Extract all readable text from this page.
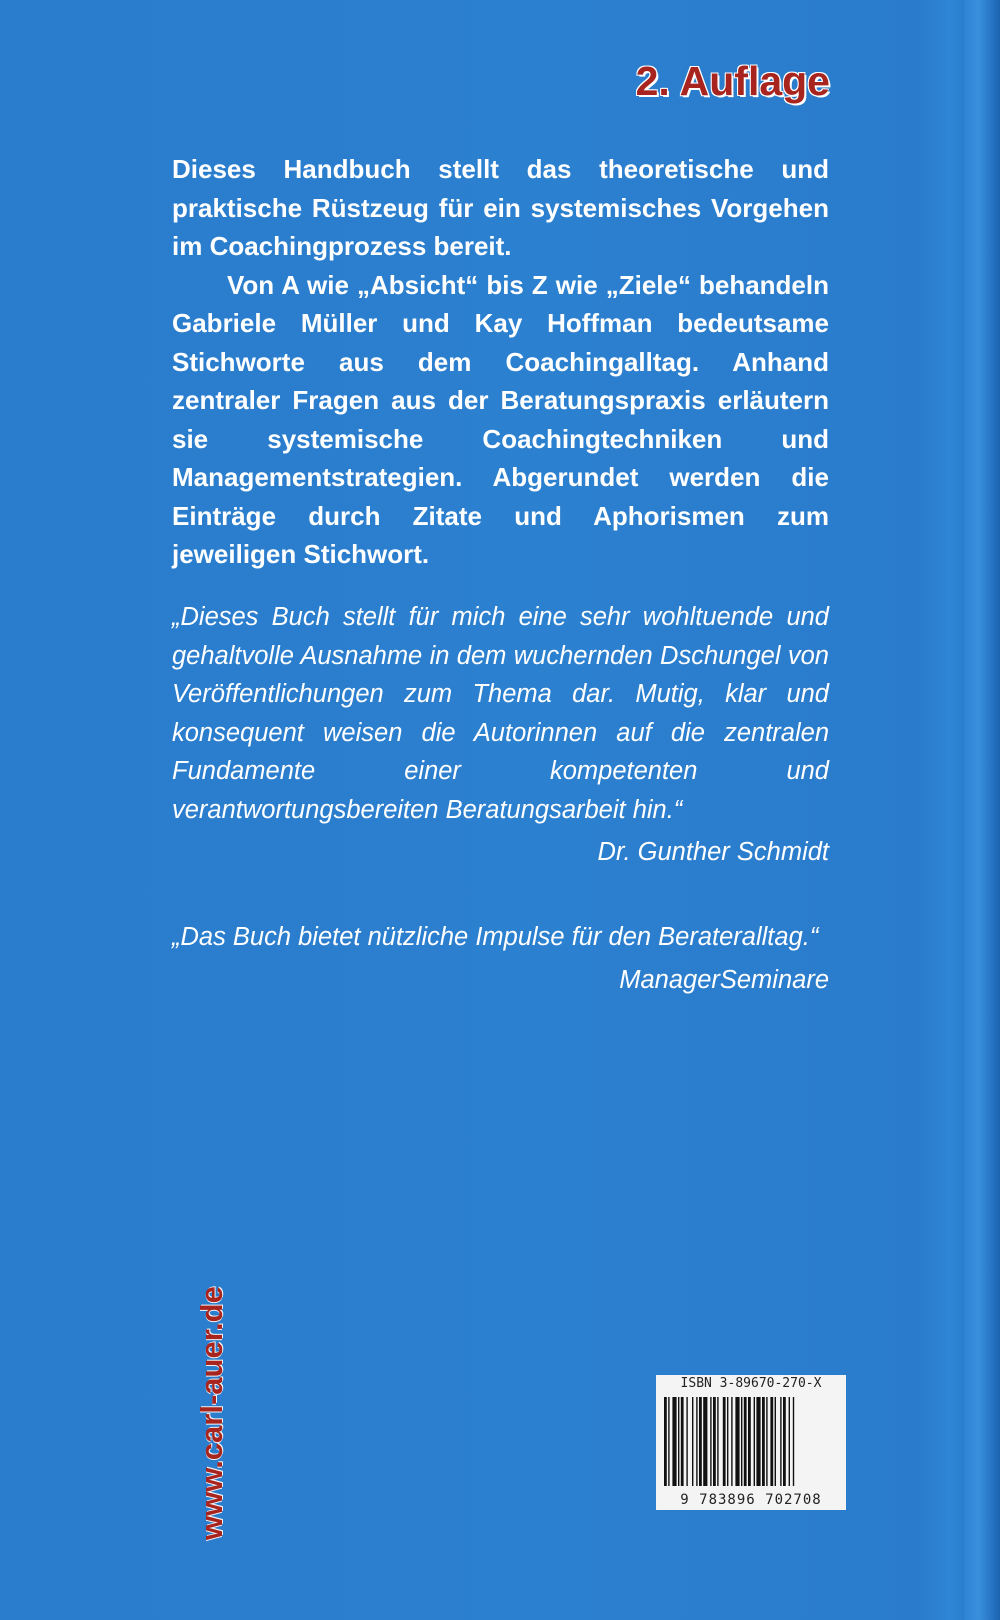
2. Auflage

Dieses Handbuch stellt das theoretische und praktische Rüstzeug für ein systemisches Vorgehen im Coachingprozess bereit.

Von A wie „Absicht“ bis Z wie „Ziele“ behandeln Gabriele Müller und Kay Hoffman bedeutsame Stichworte aus dem Coachingalltag. Anhand zentraler Fragen aus der Beratungspraxis erläutern sie systemische Coachingtechniken und Managementstrategien. Abgerundet werden die Einträge durch Zitate und Aphorismen zum jeweiligen Stichwort.

„Dieses Buch stellt für mich eine sehr wohltuende und gehaltvolle Ausnahme in dem wuchernden Dschungel von Veröffentlichungen zum Thema dar. Mutig, klar und konsequent weisen die Autorinnen auf die zentralen Fundamente einer kompetenten und verantwortungsbereiten Beratungsarbeit hin.“

Dr. Gunther Schmidt

„Das Buch bietet nützliche Impulse für den Berateralltag.“

ManagerSeminare
www.carl-auer.de	ISBN 3-89670-270-X
9 783896 702708
